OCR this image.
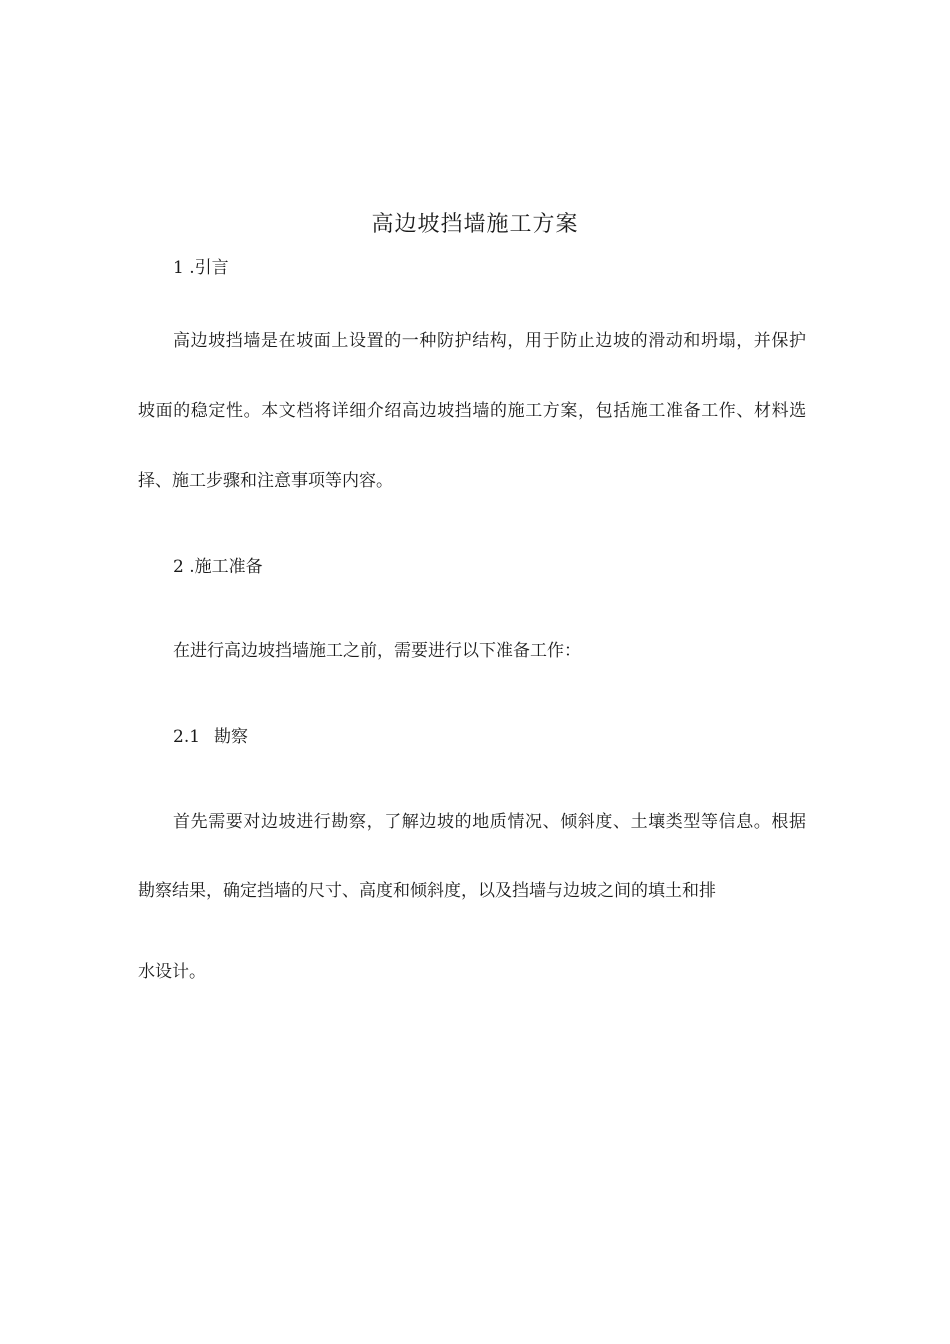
高边坡挡墙施工方案
1 .引言
高边坡挡墙是在坡面上设置的一种防护结构，用于防止边坡的滑动和坍塌，并保护
坡面的稳定性。本文档将详细介绍高边坡挡墙的施工方案，包括施工准备工作、材料选
择、施工步骤和注意事项等内容。
2 .施工准备
在进行高边坡挡墙施工之前，需要进行以下准备工作：
2.1 勘察
首先需要对边坡进行勘察，了解边坡的地质情况、倾斜度、土壤类型等信息。根据
勘察结果，确定挡墙的尺寸、高度和倾斜度，以及挡墙与边坡之间的填土和排
水设计。
